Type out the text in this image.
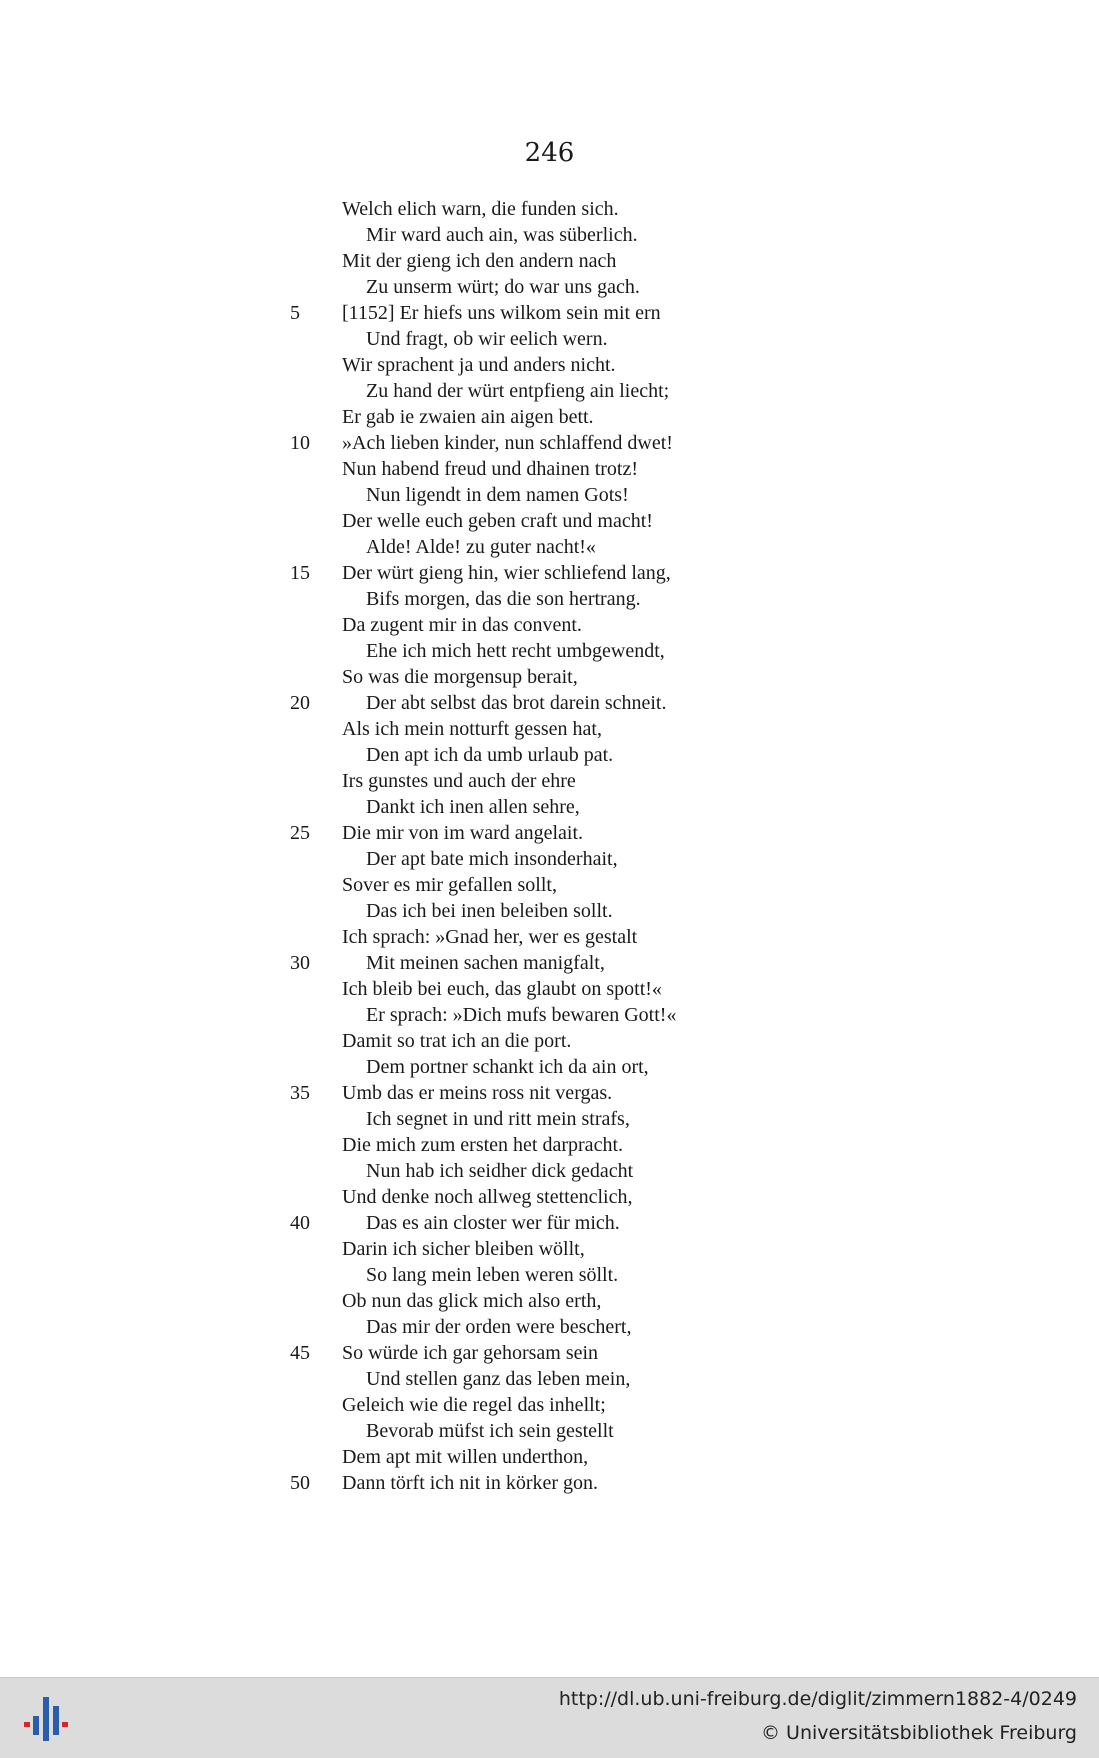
246
Welch elich warn, die funden sich.
Mir ward auch ain, was süberlich.
Mit der gieng ich den andern nach
Zu unserm würt; do war uns gach.
5	[1152] Er hiefs uns wilkom sein mit ern
Und fragt, ob wir eelich wern.
Wir sprachent ja und anders nicht.
Zu hand der würt entpfieng ain liecht;
Er gab ie zwaien ain aigen bett.
10	»Ach lieben kinder, nun schlaffend dwet!
Nun habend freud und dhainen trotz!
Nun ligendt in dem namen Gots!
Der welle euch geben craft und macht!
Alde! Alde! zu guter nacht!«
15	Der würt gieng hin, wier schliefend lang,
Bifs morgen, das die son hertrang.
Da zugent mir in das convent.
Ehe ich mich hett recht umbgewendt,
So was die morgensup berait,
20	Der abt selbst das brot darein schneit.
Als ich mein notturft gessen hat,
Den apt ich da umb urlaub pat.
Irs gunstes und auch der ehre
Dankt ich inen allen sehre,
25	Die mir von im ward angelait.
Der apt bate mich insonderhait,
Sover es mir gefallen sollt,
Das ich bei inen beleiben sollt.
Ich sprach: »Gnad her, wer es gestalt
30	Mit meinen sachen manigfalt,
Ich bleib bei euch, das glaubt on spott!«
Er sprach: »Dich mufs bewaren Gott!«
Damit so trat ich an die port.
Dem portner schankt ich da ain ort,
35	Umb das er meins ross nit vergas.
Ich segnet in und ritt mein strafs,
Die mich zum ersten het darpracht.
Nun hab ich seidher dick gedacht
Und denke noch allweg stettenclich,
40	Das es ain closter wer für mich.
Darin ich sicher bleiben wöllt,
So lang mein leben weren söllt.
Ob nun das glick mich also erth,
Das mir der orden were beschert,
45	So würde ich gar gehorsam sein
Und stellen ganz das leben mein,
Geleich wie die regel das inhellt;
Bevorab müfst ich sein gestellt
Dem apt mit willen underthon,
50	Dann törft ich nit in körker gon.
http://dl.ub.uni-freiburg.de/diglit/zimmern1882-4/0249
© Universitätsbibliothek Freiburg
